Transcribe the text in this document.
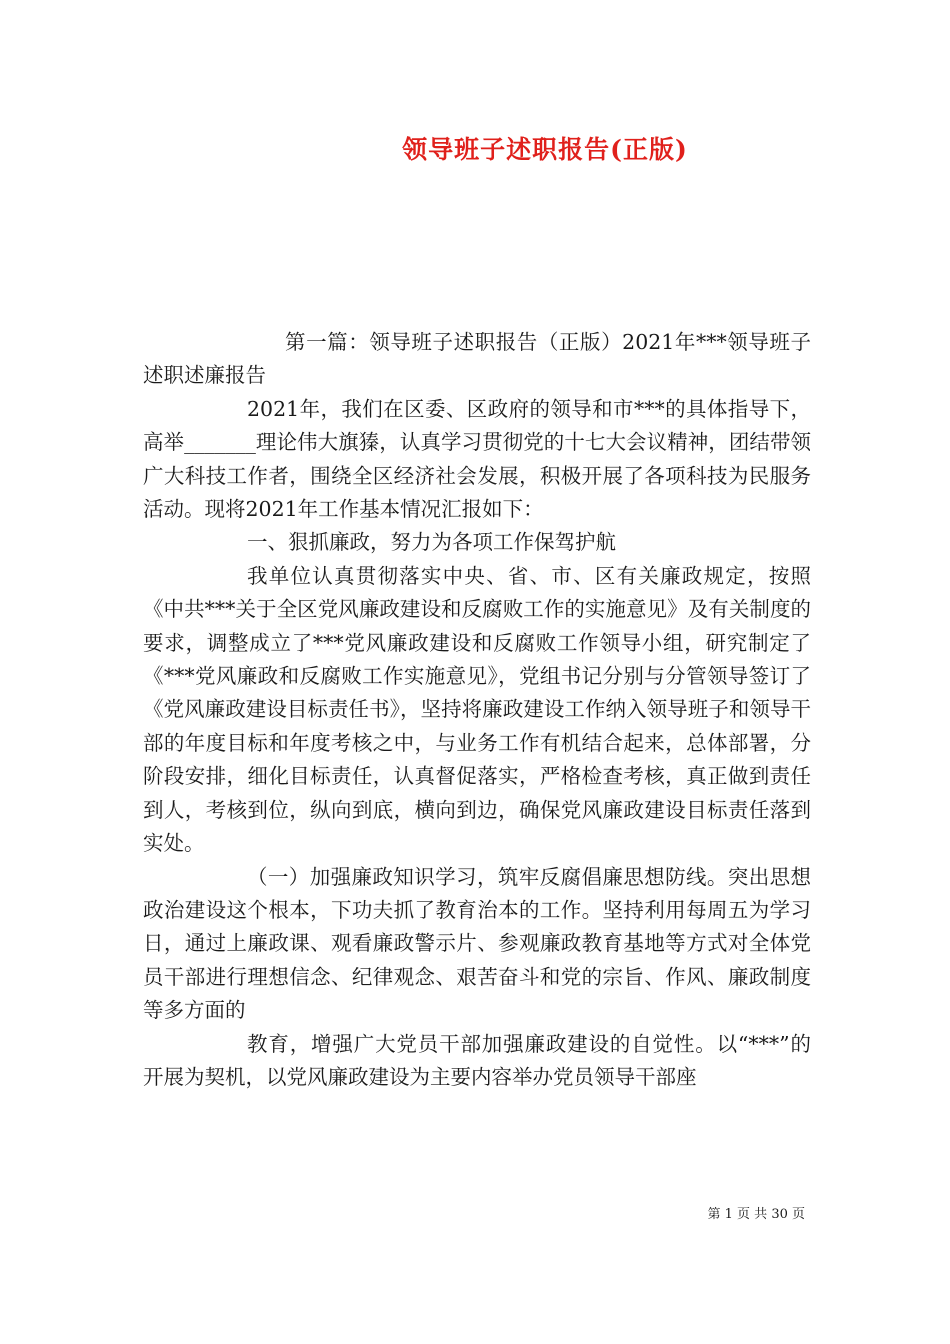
领导班子述职报告(正版)

第一篇：领导班子述职报告（正版）2021年***领导班子述职述廉报告

2021年，我们在区委、区政府的领导和市***的具体指导下，高举_______理论伟大旗獉，认真学习贯彻党的十七大会议精神，团结带领广大科技工作者，围绕全区经济社会发展，积极开展了各项科技为民服务活动。现将2021年工作基本情况汇报如下：

一、狠抓廉政，努力为各项工作保驾护航

我单位认真贯彻落实中央、省、市、区有关廉政规定，按照《中共***关于全区党风廉政建设和反腐败工作的实施意见》及有关制度的要求，调整成立了***党风廉政建设和反腐败工作领导小组，研究制定了《***党风廉政和反腐败工作实施意见》，党组书记分别与分管领导签订了《党风廉政建设目标责任书》，坚持将廉政建设工作纳入领导班子和领导干部的年度目标和年度考核之中，与业务工作有机结合起来，总体部署，分阶段安排，细化目标责任，认真督促落实，严格检查考核，真正做到责任到人，考核到位，纵向到底，横向到边，确保党风廉政建设目标责任落到实处。

（一）加强廉政知识学习，筑牢反腐倡廉思想防线。突出思想政治建设这个根本，下功夫抓了教育治本的工作。坚持利用每周五为学习日，通过上廉政课、观看廉政警示片、参观廉政教育基地等方式对全体党员干部进行理想信念、纪律观念、艰苦奋斗和党的宗旨、作风、廉政制度等多方面的

教育，增强广大党员干部加强廉政建设的自觉性。以“***”的开展为契机，以党风廉政建设为主要内容举办党员领导干部座

第 1 页 共 30 页
